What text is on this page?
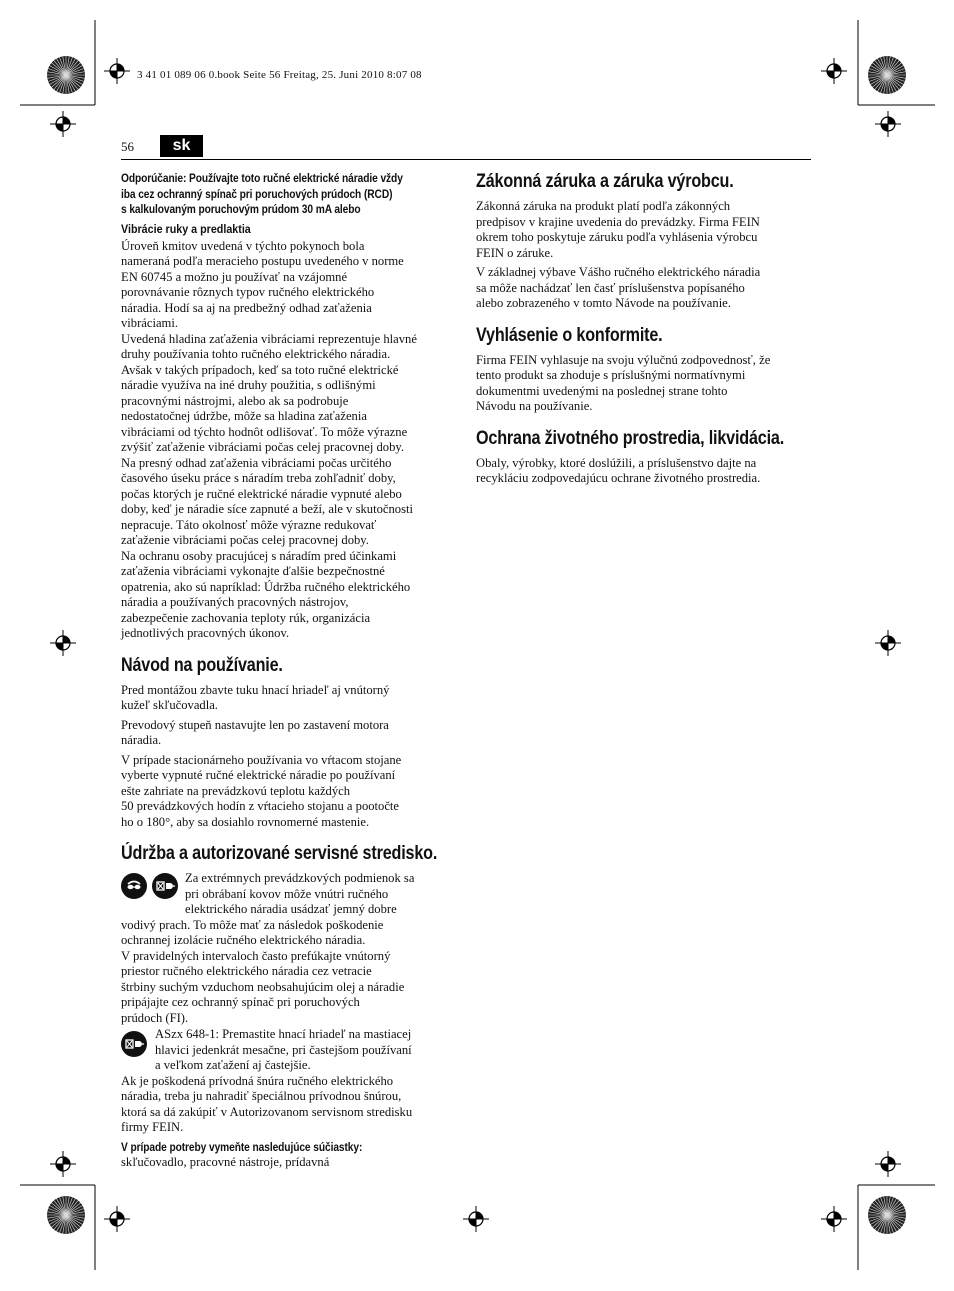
3 41 01 089 06 0.book Seite 56 Freitag, 25. Juni 2010 8:07 08
56	sk
Odporúčanie: Používajte toto ručné elektrické náradie vždy
iba cez ochranný spínač pri poruchových prúdoch (RCD)
s kalkulovaným poruchovým prúdom 30 mA alebo
Vibrácie ruky a predlaktia

Úroveň kmitov uvedená v týchto pokynoch bola
nameraná podľa meracieho postupu uvedeného v norme
EN 60745 a možno ju používať na vzájomné
porovnávanie rôznych typov ručného elektrického
náradia. Hodí sa aj na predbežný odhad zaťaženia
vibráciami.
Uvedená hladina zaťaženia vibráciami reprezentuje hlavné
druhy používania tohto ručného elektrického náradia.
Avšak v takých prípadoch, keď sa toto ručné elektrické
náradie využíva na iné druhy použitia, s odlišnými
pracovnými nástrojmi, alebo ak sa podrobuje
nedostatočnej údržbe, môže sa hladina zaťaženia
vibráciami od týchto hodnôt odlišovať. To môže výrazne
zvýšiť zaťaženie vibráciami počas celej pracovnej doby.
Na presný odhad zaťaženia vibráciami počas určitého
časového úseku práce s náradím treba zohľadniť doby,
počas ktorých je ručné elektrické náradie vypnuté alebo
doby, keď je náradie síce zapnuté a beží, ale v skutočnosti
nepracuje. Táto okolnosť môže výrazne redukovať
zaťaženie vibráciami počas celej pracovnej doby.
Na ochranu osoby pracujúcej s náradím pred účinkami
zaťaženia vibráciami vykonajte ďalšie bezpečnostné
opatrenia, ako sú napríklad: Údržba ručného elektrického
náradia a používaných pracovných nástrojov,
zabezpečenie zachovania teploty rúk, organizácia
jednotlivých pracovných úkonov.

Návod na používanie.

Pred montážou zbavte tuku hnací hriadeľ aj vnútorný
kužeľ skľučovadla.

Prevodový stupeň nastavujte len po zastavení motora
náradia.

V prípade stacionárneho používania vo vŕtacom stojane
vyberte vypnuté ručné elektrické náradie po používaní
ešte zahriate na prevádzkovú teplotu každých
50 prevádzkových hodín z vŕtacieho stojanu a pootočte
ho o 180°, aby sa dosiahlo rovnomerné mastenie.

Údržba a autorizované servisné stredisko.
Za extrémnych prevádzkových podmienok sa
pri obrábaní kovov môže vnútri ručného
elektrického náradia usádzať jemný dobre

vodivý prach. To môže mať za následok poškodenie
ochrannej izolácie ručného elektrického náradia.
V pravidelných intervaloch často prefúkajte vnútorný
priestor ručného elektrického náradia cez vetracie
štrbiny suchým vzduchom neobsahujúcim olej a náradie
pripájajte cez ochranný spínač pri poruchových
prúdoch (FI).

ASzx 648-1: Premastite hnací hriadeľ na mastiacej
hlavici jedenkrát mesačne, pri častejšom používaní
a veľkom zaťažení aj častejšie.

Ak je poškodená prívodná šnúra ručného elektrického
náradia, treba ju nahradiť špeciálnou prívodnou šnúrou,
ktorá sa dá zakúpiť v Autorizovanom servisnom stredisku
firmy FEIN.

V prípade potreby vymeňte nasledujúce súčiastky:

skľučovadlo, pracovné nástroje, prídavná

Zákonná záruka a záruka výrobcu.

Zákonná záruka na produkt platí podľa zákonných
predpisov v krajine uvedenia do prevádzky. Firma FEIN
okrem toho poskytuje záruku podľa vyhlásenia výrobcu
FEIN o záruke.

V základnej výbave Vášho ručného elektrického náradia
sa môže nachádzať len časť príslušenstva popísaného
alebo zobrazeného v tomto Návode na používanie.

Vyhlásenie o konformite.

Firma FEIN vyhlasuje na svoju výlučnú zodpovednosť, že
tento produkt sa zhoduje s príslušnými normatívnymi
dokumentmi uvedenými na poslednej strane tohto
Návodu na používanie.

Ochrana životného prostredia, likvidácia.

Obaly, výrobky, ktoré doslúžili, a príslušenstvo dajte na
recykláciu zodpovedajúcu ochrane životného prostredia.
